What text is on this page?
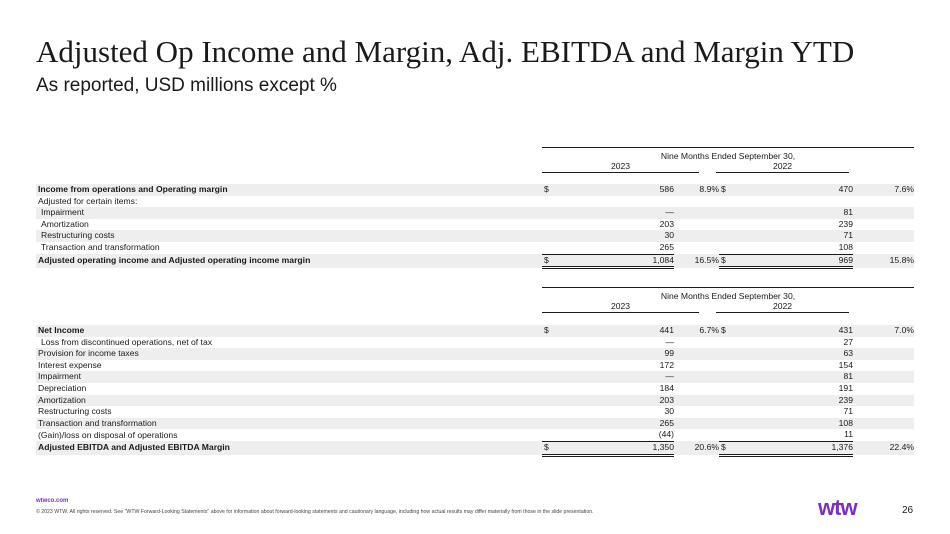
Adjusted Op Income and Margin, Adj. EBITDA and Margin YTD
As reported, USD millions except %
Nine Months Ended September 30,
2023	2022
Income from operations and Operating margin	$	586	8.9%	$	470	7.6%
Adjusted for certain items:						
Impairment		—			81	
Amortization		203			239	
Restructuring costs		30			71	
Transaction and transformation		265			108	
Adjusted operating income and Adjusted operating income margin	$	1,084	16.5%	$	969	15.8%
Nine Months Ended September 30,
2023	2022
Net Income	$	441	6.7%	$	431	7.0%
Loss from discontinued operations, net of tax		—			27	
Provision for income taxes		99			63	
Interest expense		172			154	
Impairment		—			81	
Depreciation		184			191	
Amortization		203			239	
Restructuring costs		30			71	
Transaction and transformation		265			108	
(Gain)/loss on disposal of operations		(44)			11	
Adjusted EBITDA and Adjusted EBITDA Margin	$	1,350	20.6%	$	1,376	22.4%
wtwco.com
© 2023 WTW. All rights reserved. See "WTW Forward-Looking Statements" above for information about forward-looking statements and cautionary language, including how actual results may differ materially from those in the slide presentation.	wtw	26
